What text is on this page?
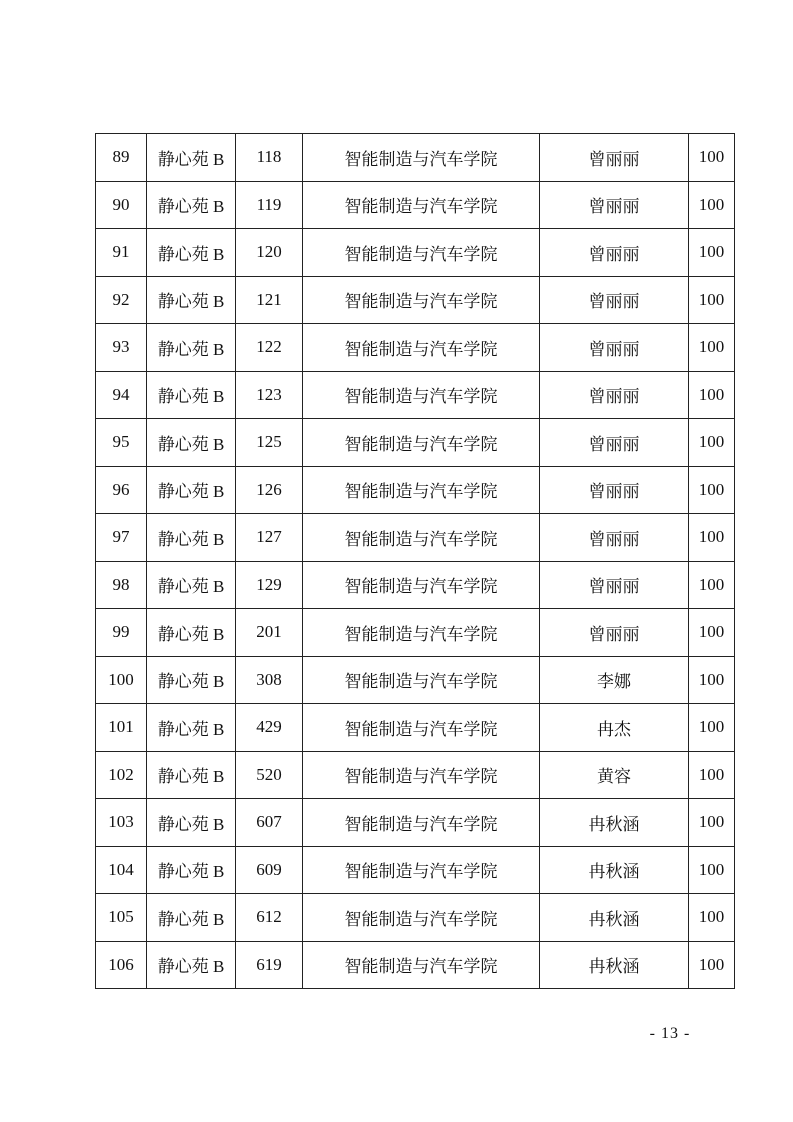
89	静心苑 B	118	智能制造与汽车学院	曾丽丽	100
90	静心苑 B	119	智能制造与汽车学院	曾丽丽	100
91	静心苑 B	120	智能制造与汽车学院	曾丽丽	100
92	静心苑 B	121	智能制造与汽车学院	曾丽丽	100
93	静心苑 B	122	智能制造与汽车学院	曾丽丽	100
94	静心苑 B	123	智能制造与汽车学院	曾丽丽	100
95	静心苑 B	125	智能制造与汽车学院	曾丽丽	100
96	静心苑 B	126	智能制造与汽车学院	曾丽丽	100
97	静心苑 B	127	智能制造与汽车学院	曾丽丽	100
98	静心苑 B	129	智能制造与汽车学院	曾丽丽	100
99	静心苑 B	201	智能制造与汽车学院	曾丽丽	100
100	静心苑 B	308	智能制造与汽车学院	李娜	100
101	静心苑 B	429	智能制造与汽车学院	冉杰	100
102	静心苑 B	520	智能制造与汽车学院	黄容	100
103	静心苑 B	607	智能制造与汽车学院	冉秋涵	100
104	静心苑 B	609	智能制造与汽车学院	冉秋涵	100
105	静心苑 B	612	智能制造与汽车学院	冉秋涵	100
106	静心苑 B	619	智能制造与汽车学院	冉秋涵	100
- 13 -
